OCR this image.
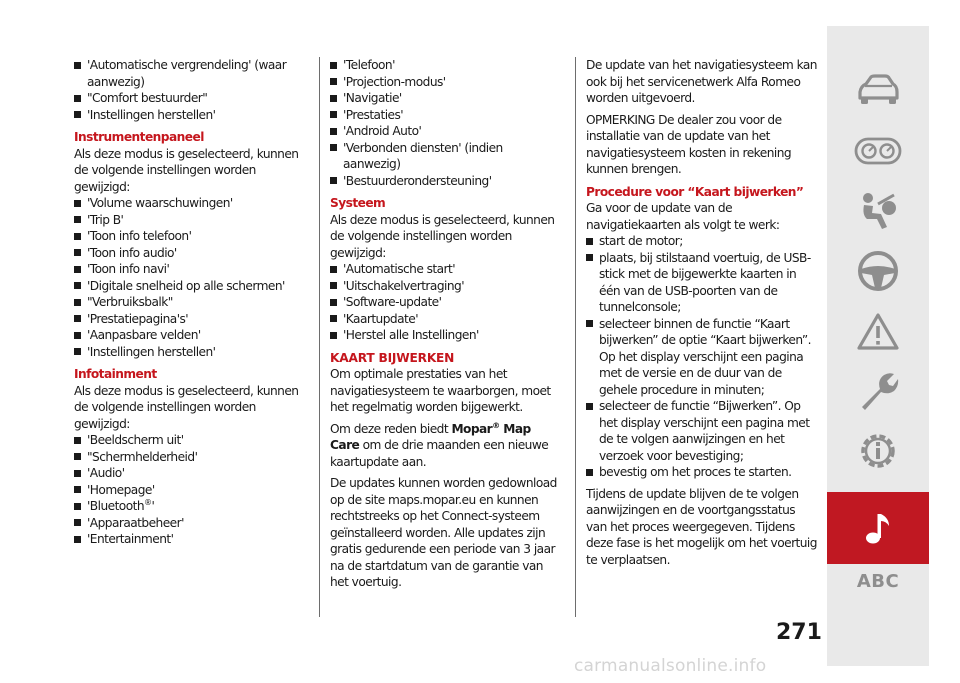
'Automatische vergrendeling' (waar aanwezig)
"Comfort bestuurder"
'Instellingen herstellen'
Instrumentenpaneel
Als deze modus is geselecteerd, kunnen de volgende instellingen worden gewijzigd:
'Volume waarschuwingen'
'Trip B'
'Toon info telefoon'
'Toon info audio'
'Toon info navi'
'Digitale snelheid op alle schermen'
"Verbruiksbalk"
'Prestatiepagina's'
'Aanpasbare velden'
'Instellingen herstellen'
Infotainment
Als deze modus is geselecteerd, kunnen de volgende instellingen worden gewijzigd:
'Beeldscherm uit'
"Schermhelderheid'
'Audio'
'Homepage'
'Bluetooth®'
'Apparaatbeheer'
'Entertainment'
'Telefoon'
'Projection-modus'
'Navigatie'
'Prestaties'
'Android Auto'
'Verbonden diensten' (indien aanwezig)
'Bestuurderondersteuning'
Systeem
Als deze modus is geselecteerd, kunnen de volgende instellingen worden gewijzigd:
'Automatische start'
'Uitschakelvertraging'
'Software-update'
'Kaartupdate'
'Herstel alle Instellingen'
KAART BIJWERKEN
Om optimale prestaties van het navigatiesysteem te waarborgen, moet het regelmatig worden bijgewerkt.
Om deze reden biedt Mopar® Map Care om de drie maanden een nieuwe kaartupdate aan.
De updates kunnen worden gedownload op de site maps.mopar.eu en kunnen rechtstreeks op het Connect-systeem geïnstalleerd worden. Alle updates zijn gratis gedurende een periode van 3 jaar na de startdatum van de garantie van het voertuig.
De update van het navigatiesysteem kan ook bij het servicenetwerk Alfa Romeo worden uitgevoerd.
OPMERKING De dealer zou voor de installatie van de update van het navigatiesysteem kosten in rekening kunnen brengen.
Procedure voor “Kaart bijwerken”
Ga voor de update van de navigatiekaarten als volgt te werk:
start de motor;
plaats, bij stilstaand voertuig, de USB-stick met de bijgewerkte kaarten in één van de USB-poorten van de tunnelconsole;
selecteer binnen de functie “Kaart bijwerken” de optie “Kaart bijwerken”. Op het display verschijnt een pagina met de versie en de duur van de gehele procedure in minuten;
selecteer de functie “Bijwerken”. Op het display verschijnt een pagina met de te volgen aanwijzingen en het verzoek voor bevestiging;
bevestig om het proces te starten.
Tijdens de update blijven de te volgen aanwijzingen en de voortgangsstatus van het proces weergegeven. Tijdens deze fase is het mogelijk om het voertuig te verplaatsen.
ABC
271
carmanualsonline.info
